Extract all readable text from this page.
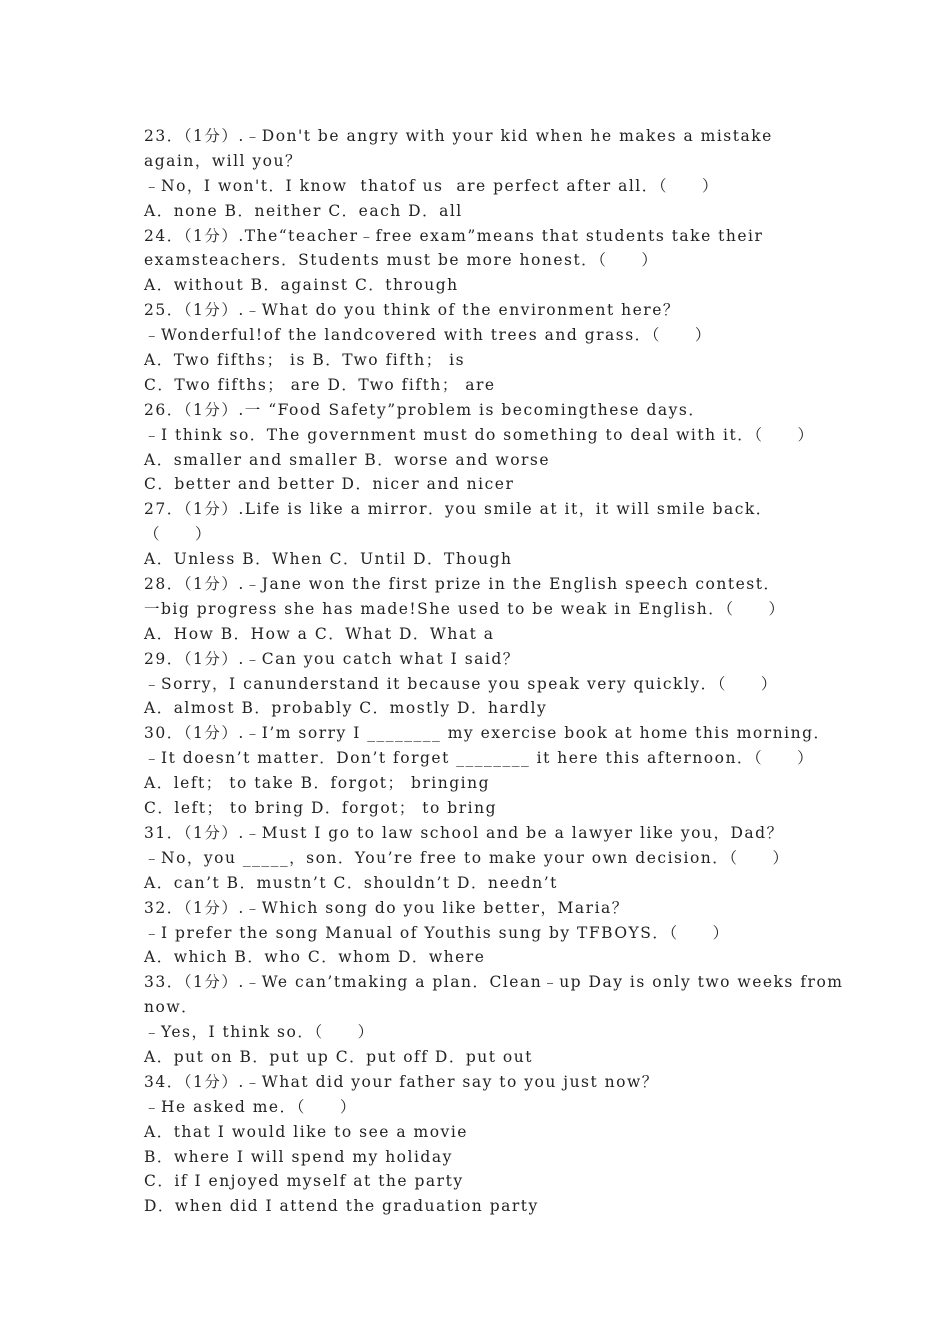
23．（1分）.﹣Don't be angry with your kid when he makes a mistake
again，will you？
﹣No，I won't．I know  thatof us  are perfect after all．（　　）
A．none B．neither C．each D．all
24．（1分）.The“teacher﹣free exam”means that students take their
examsteachers．Students must be more honest．（　　）
A．without B．against C．through
25．（1分）.﹣What do you think of the environment here？
﹣Wonderful!of the landcovered with trees and grass．（　　）
A．Two fifths； is B．Two fifth； is
C．Two fifths； are D．Two fifth； are
26．（1分）.一 “Food Safety”problem is becomingthese days．
﹣I think so．The government must do something to deal with it．（　　）
A．smaller and smaller B．worse and worse
C．better and better D．nicer and nicer
27．（1分）.Life is like a mirror．you smile at it，it will smile back．
（　　）
A．Unless B．When C．Until D．Though
28．（1分）.﹣Jane won the first prize in the English speech contest．
一big progress she has made!She used to be weak in English．（　　）
A．How B．How a C．What D．What a
29．（1分）.﹣Can you catch what I said？
﹣Sorry，I canunderstand it because you speak very quickly．（　　）
A．almost B．probably C．mostly D．hardly
30．（1分）.﹣I’m sorry I ________ my exercise book at home this morning．
﹣It doesn’t matter．Don’t forget ________ it here this afternoon．（　　）
A．left； to take B．forgot； bringing
C．left； to bring D．forgot； to bring
31．（1分）.﹣Must I go to law school and be a lawyer like you，Dad？
﹣No，you _____，son．You’re free to make your own decision．（　　）
A．can’t B．mustn’t C．shouldn’t D．needn’t
32．（1分）.﹣Which song do you like better，Maria？
﹣I prefer the song Manual of Youthis sung by TFBOYS．（　　）
A．which B．who C．whom D．where
33．（1分）.﹣We can’tmaking a plan．Clean﹣up Day is only two weeks from
now．
﹣Yes，I think so．（　　）
A．put on B．put up C．put off D．put out
34．（1分）.﹣What did your father say to you just now？
﹣He asked me．（　　）
A．that I would like to see a movie
B．where I will spend my holiday
C．if I enjoyed myself at the party
D．when did I attend the graduation party
